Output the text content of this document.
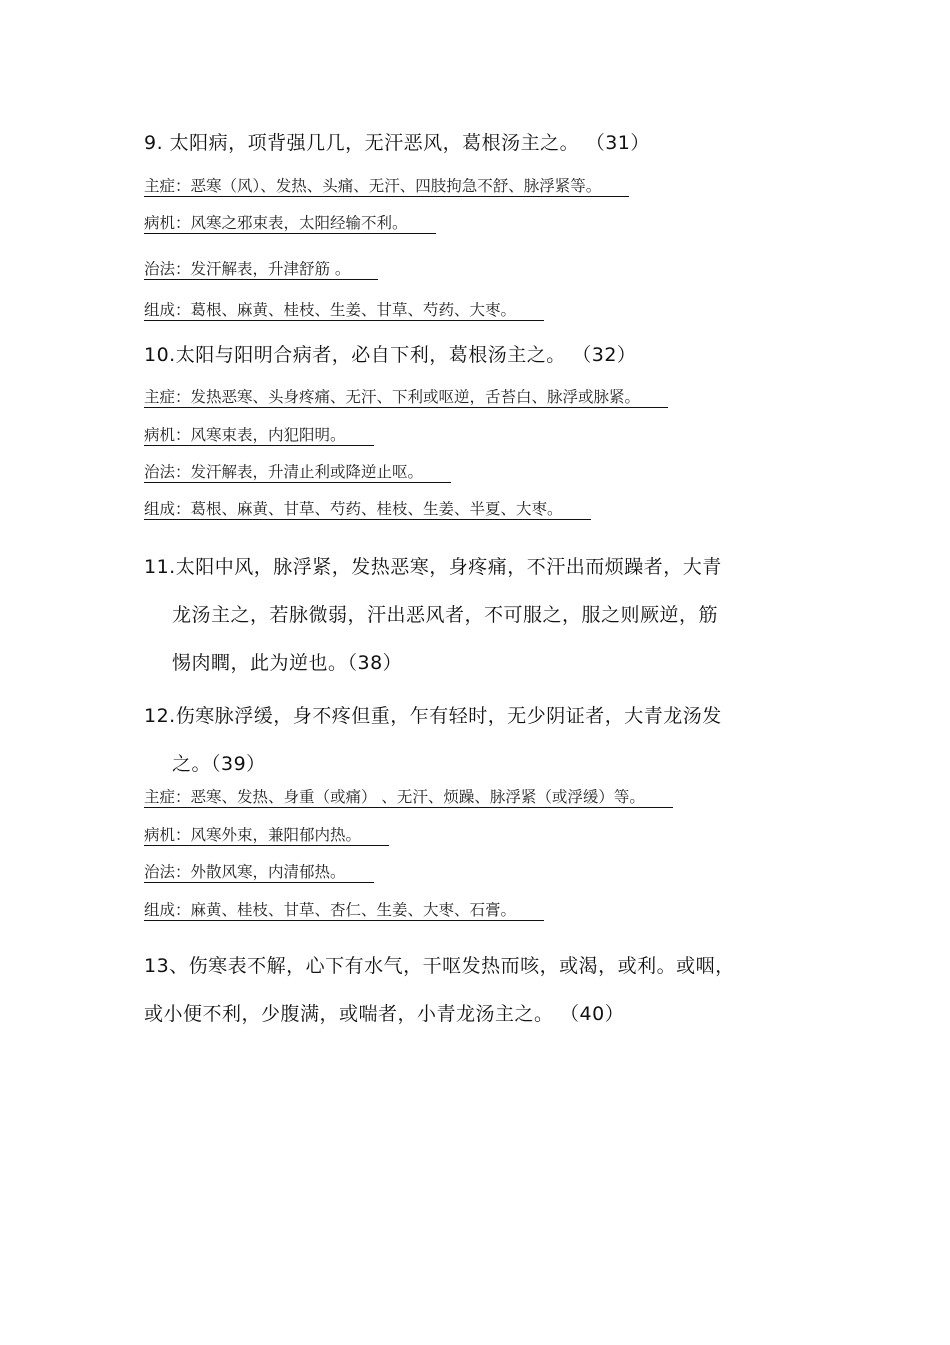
9. 太阳病，项背强几几，无汗恶风，葛根汤主之。 （31）
主症：恶寒（风）、发热、头痛、无汗、四肢拘急不舒、脉浮紧等。
病机：风寒之邪束表，太阳经输不利。
治法：发汗解表，升津舒筋 。
组成：葛根、麻黄、桂枝、生姜、甘草、芍药、大枣。
10.太阳与阳明合病者，必自下利，葛根汤主之。 （32）
主症：发热恶寒、头身疼痛、无汗、下利或呕逆，舌苔白、脉浮或脉紧。
病机：风寒束表，内犯阳明。
治法：发汗解表，升清止利或降逆止呕。
组成：葛根、麻黄、甘草、芍药、桂枝、生姜、半夏、大枣。
11.太阳中风，脉浮紧，发热恶寒，身疼痛，不汗出而烦躁者，大青
龙汤主之，若脉微弱，汗出恶风者，不可服之，服之则厥逆，筋
惕肉瞤，此为逆也。（38）
12.伤寒脉浮缓，身不疼但重，乍有轻时，无少阴证者，大青龙汤发
之。（39）
主症：恶寒、发热、身重（或痛） 、无汗、烦躁、脉浮紧（或浮缓）等。
病机：风寒外束，兼阳郁内热。
治法：外散风寒，内清郁热。
组成：麻黄、桂枝、甘草、杏仁、生姜、大枣、石膏。
13、伤寒表不解，心下有水气，干呕发热而咳，或渴，或利。或咽，
或小便不利，少腹满，或喘者，小青龙汤主之。 （40）
